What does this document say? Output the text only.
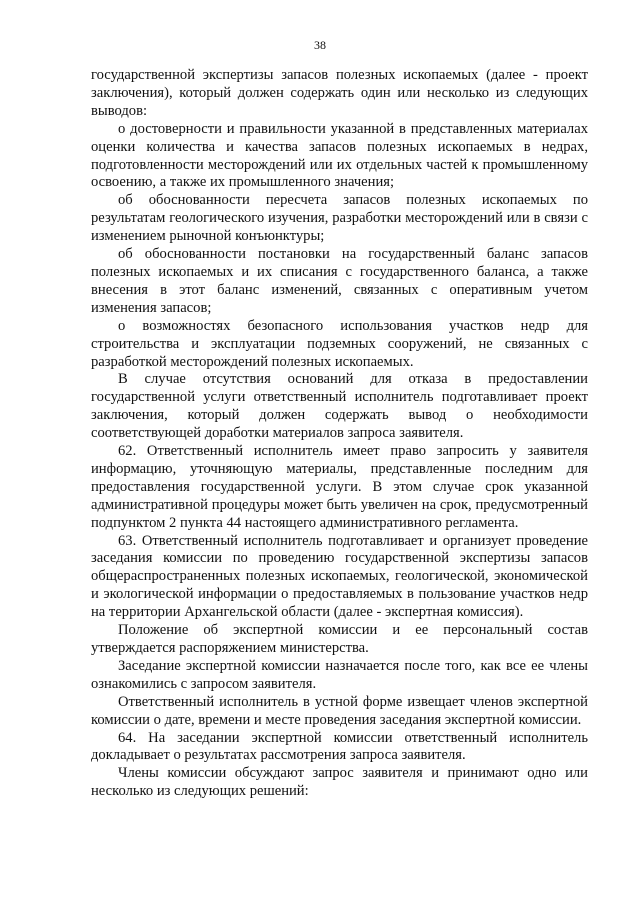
38

государственной экспертизы запасов полезных ископаемых (далее - проект заключения), который должен содержать один или несколько из следующих выводов:

о достоверности и правильности указанной в представленных материалах оценки количества и качества запасов полезных ископаемых в недрах, подготовленности месторождений или их отдельных частей к промышленному освоению, а также их промышленного значения;

об обоснованности пересчета запасов полезных ископаемых по результатам геологического изучения, разработки месторождений или в связи с изменением рыночной конъюнктуры;

об обоснованности постановки на государственный баланс запасов полезных ископаемых и их списания с государственного баланса, а также внесения в этот баланс изменений, связанных с оперативным учетом изменения запасов;

о возможностях безопасного использования участков недр для строительства и эксплуатации подземных сооружений, не связанных с разработкой месторождений полезных ископаемых.

В случае отсутствия оснований для отказа в предоставлении государственной услуги ответственный исполнитель подготавливает проект заключения, который должен содержать вывод о необходимости соответствующей доработки материалов запроса заявителя.

62. Ответственный исполнитель имеет право запросить у заявителя информацию, уточняющую материалы, представленные последним для предоставления государственной услуги. В этом случае срок указанной административной процедуры может быть увеличен на срок, предусмотренный подпунктом 2 пункта 44 настоящего административного регламента.

63. Ответственный исполнитель подготавливает и организует проведение заседания комиссии по проведению государственной экспертизы запасов общераспространенных полезных ископаемых, геологической, экономической и экологической информации о предоставляемых в пользование участков недр на территории Архангельской области (далее - экспертная комиссия).

Положение об экспертной комиссии и ее персональный состав утверждается распоряжением министерства.

Заседание экспертной комиссии назначается после того, как все ее члены ознакомились с запросом заявителя.

Ответственный исполнитель в устной форме извещает членов экспертной комиссии о дате, времени и месте проведения заседания экспертной комиссии.

64. На заседании экспертной комиссии ответственный исполнитель докладывает о результатах рассмотрения запроса заявителя.

Члены комиссии обсуждают запрос заявителя и принимают одно или несколько из следующих решений:
